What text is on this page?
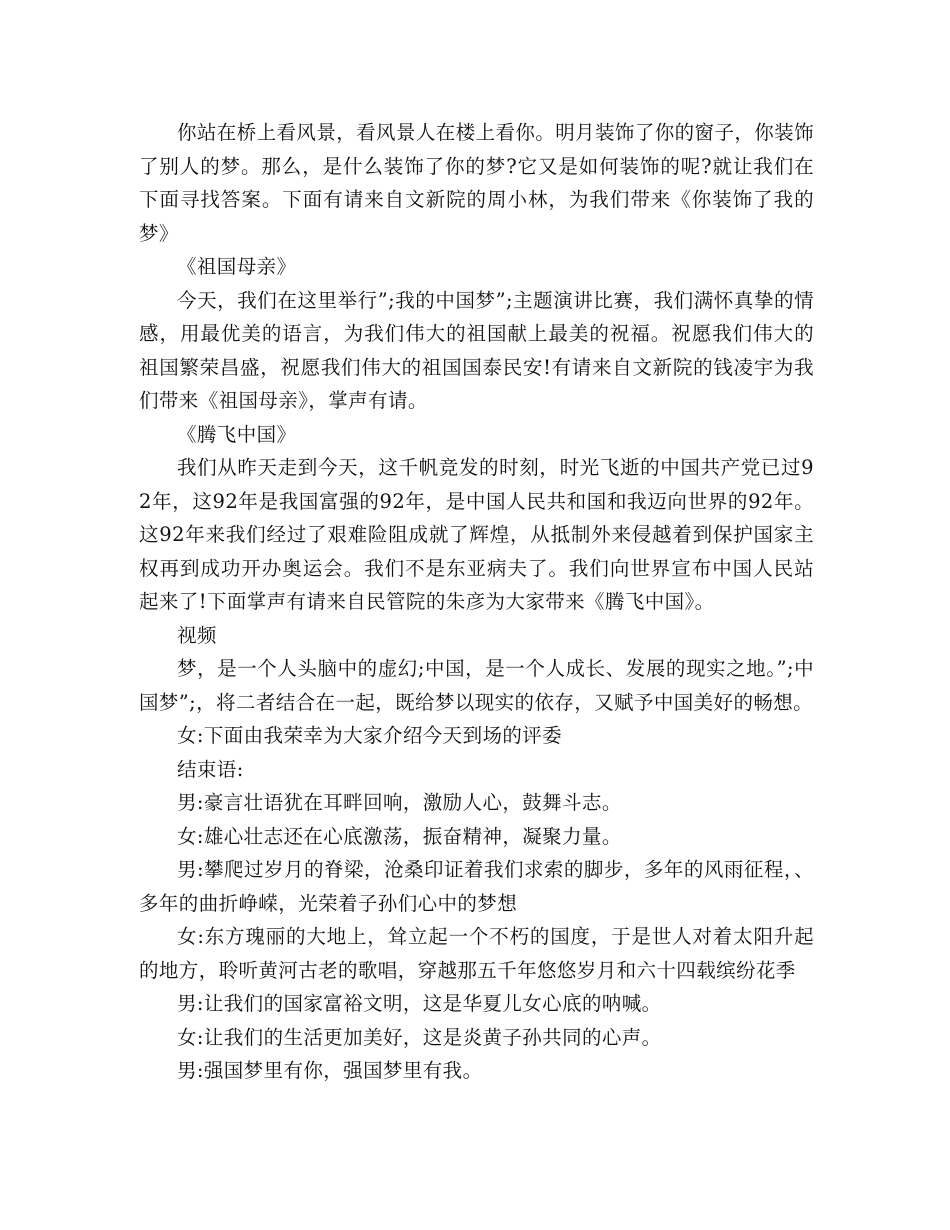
你站在桥上看风景，看风景人在楼上看你。明月装饰了你的窗子，你装饰了别人的梦。那么，是什么装饰了你的梦?它又是如何装饰的呢?就让我们在下面寻找答案。下面有请来自文新院的周小林，为我们带来《你装饰了我的梦》

《祖国母亲》

今天，我们在这里举行”;我的中国梦”;主题演讲比赛，我们满怀真挚的情感，用最优美的语言，为我们伟大的祖国献上最美的祝福。祝愿我们伟大的祖国繁荣昌盛，祝愿我们伟大的祖国国泰民安!有请来自文新院的钱凌宇为我们带来《祖国母亲》，掌声有请。

《腾飞中国》

我们从昨天走到今天，这千帆竞发的时刻，时光飞逝的中国共产党已过92年，这92年是我国富强的92年，是中国人民共和国和我迈向世界的92年。这92年来我们经过了艰难险阻成就了辉煌，从抵制外来侵越着到保护国家主权再到成功开办奥运会。我们不是东亚病夫了。我们向世界宣布中国人民站起来了!下面掌声有请来自民管院的朱彦为大家带来《腾飞中国》。

视频

梦，是一个人头脑中的虚幻;中国，是一个人成长、发展的现实之地。”;中国梦”;，将二者结合在一起，既给梦以现实的依存，又赋予中国美好的畅想。

女:下面由我荣幸为大家介绍今天到场的评委

结束语:

男:豪言壮语犹在耳畔回响，激励人心，鼓舞斗志。

女:雄心壮志还在心底激荡，振奋精神，凝聚力量。

男:攀爬过岁月的脊梁，沧桑印证着我们求索的脚步，多年的风雨征程，、多年的曲折峥嵘，光荣着子孙们心中的梦想

女:东方瑰丽的大地上，耸立起一个不朽的国度，于是世人对着太阳升起的地方，聆听黄河古老的歌唱，穿越那五千年悠悠岁月和六十四载缤纷花季

男:让我们的国家富裕文明，这是华夏儿女心底的呐喊。

女:让我们的生活更加美好，这是炎黄子孙共同的心声。

男:强国梦里有你，强国梦里有我。
